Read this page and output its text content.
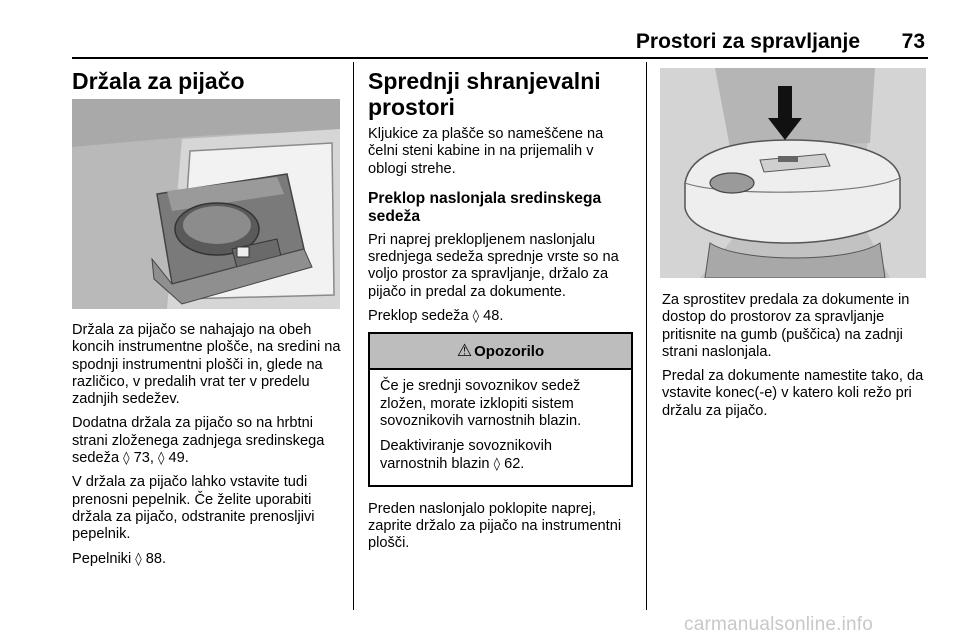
Prostori za spravljanje	73
Držala za pijačo

Držala za pijačo se nahajajo na obeh koncih instrumentne plošče, na sredini na spodnji instrumentni plošči in, glede na različico, v predalih vrat ter v predelu zadnjih sedežev.

Dodatna držala za pijačo so na hrbtni strani zloženega zadnjega sredinskega sedeža ◊ 73, ◊ 49.

V držala za pijačo lahko vstavite tudi prenosni pepelnik. Če želite uporabiti držala za pijačo, odstranite prenosljivi pepelnik.

Pepelniki ◊ 88.

Sprednji shranjevalni prostori

Kljukice za plašče so nameščene na čelni steni kabine in na prijemalih v oblogi strehe.

Preklop naslonjala sredinskega sedeža

Pri naprej preklopljenem naslonjalu srednjega sedeža sprednje vrste so na voljo prostor za spravljanje, držalo za pijačo in predal za dokumente.

Preklop sedeža ◊ 48.

⚠ Opozorilo

Če je srednji sovoznikov sedež zložen, morate izklopiti sistem sovoznikovih varnostnih blazin.

Deaktiviranje sovoznikovih varnostnih blazin ◊ 62.

Preden naslonjalo poklopite naprej, zaprite držalo za pijačo na instrumentni plošči.

Za sprostitev predala za dokumente in dostop do prostorov za spravljanje pritisnite na gumb (puščica) na zadnji strani naslonjala.

Predal za dokumente namestite tako, da vstavite konec(-e) v katero koli režo pri držalu za pijačo.

carmanualsonline.info
